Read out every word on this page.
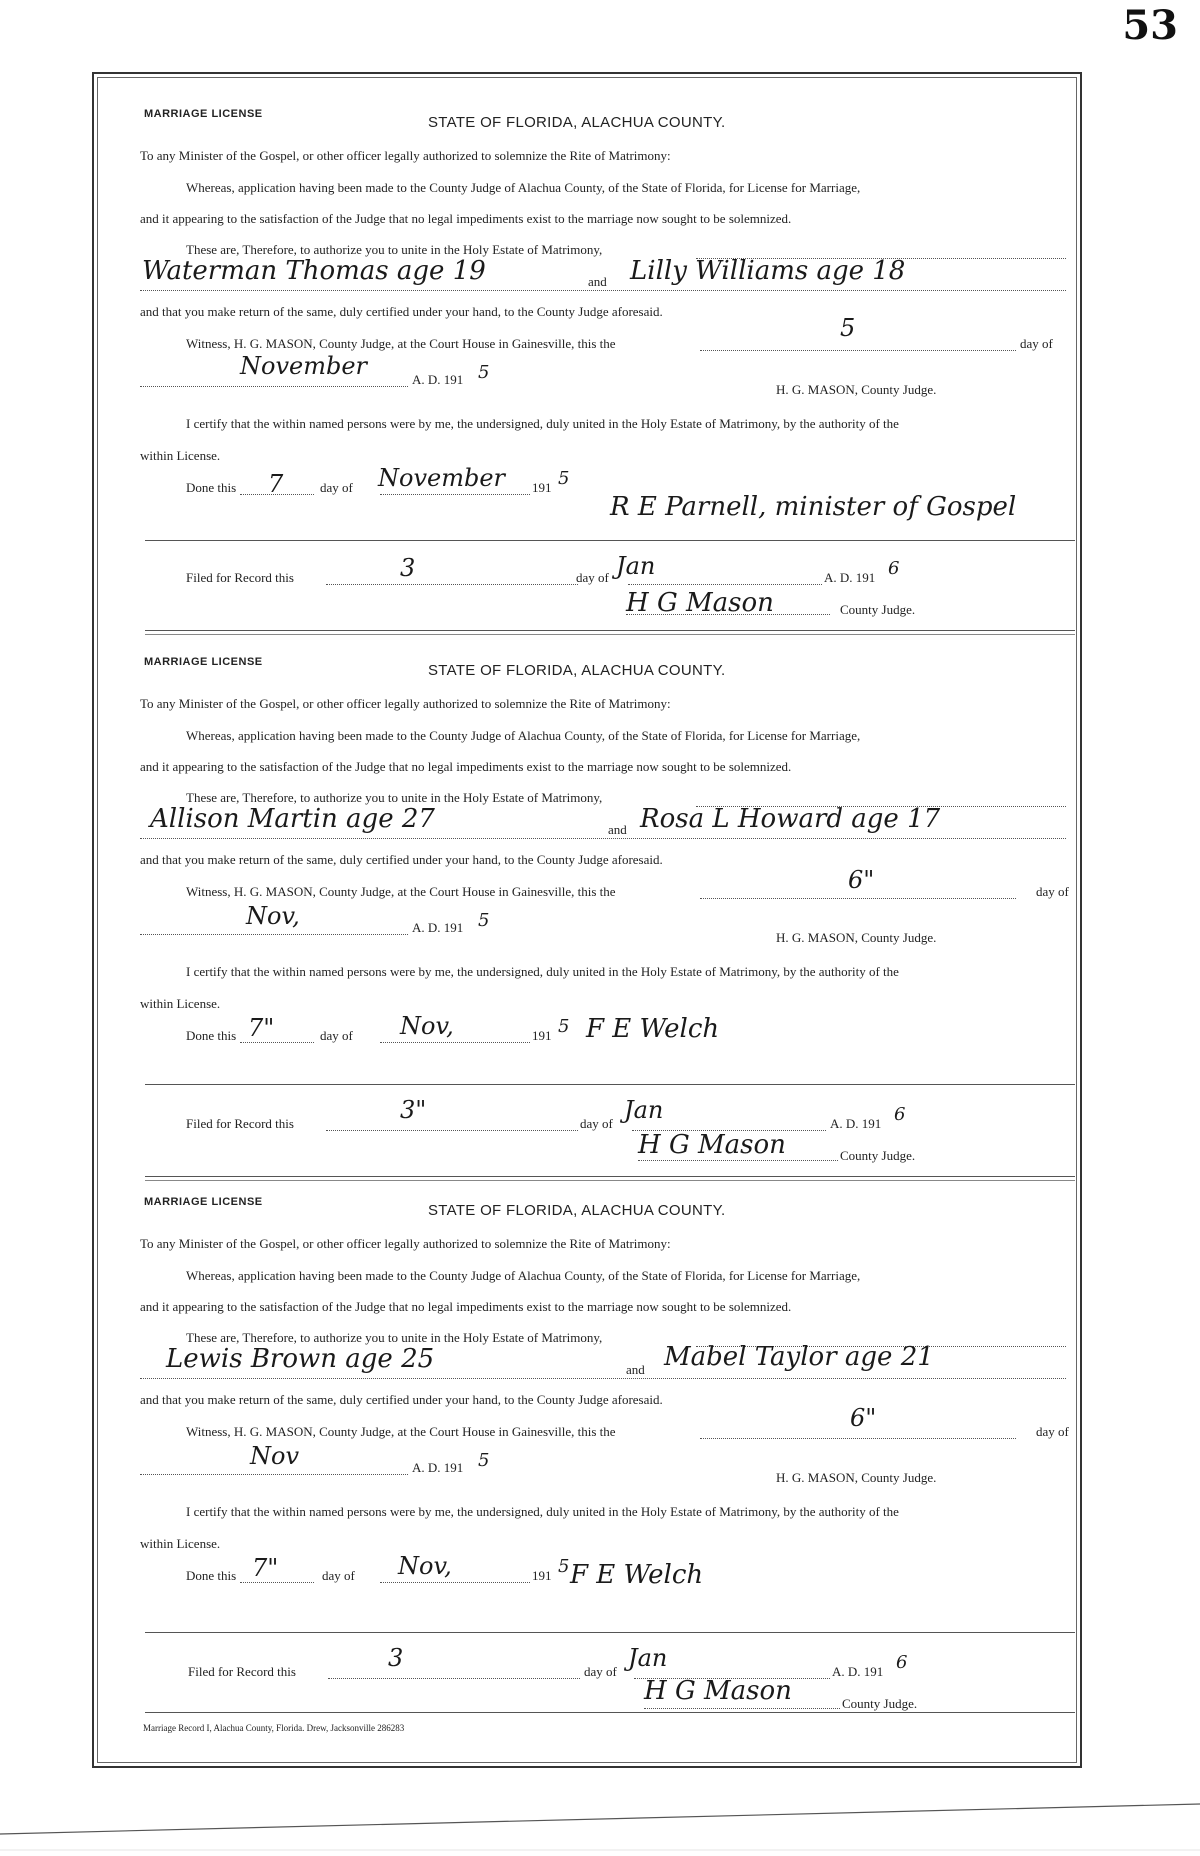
53
MARRIAGE LICENSE	STATE OF FLORIDA, ALACHUA COUNTY.
To any Minister of the Gospel, or other officer legally authorized to solemnize the Rite of Matrimony:
Whereas, application having been made to the County Judge of Alachua County, of the State of Florida, for License for Marriage,
and it appearing to the satisfaction of the Judge that no legal impediments exist to the marriage now sought to be solemnized.
These are, Therefore, to authorize you to unite in the Holy Estate of Matrimony,
Waterman Thomas age 19	and Lilly Williams age 18
and that you make return of the same, duly certified under your hand, to the County Judge aforesaid.
Witness, H. G. MASON, County Judge, at the Court House in Gainesville, this the
5
day of
November	A. D. 191 5
H. G. MASON, County Judge.
I certify that the within named persons were by me, the undersigned, duly united in the Holy Estate of Matrimony, by the authority of the
within License.
Done this 7	day of November 191 5
R E Parnell, minister of Gospel
Filed for Record this	3	day of Jan	A. D. 191 6
H G Mason	County Judge.
MARRIAGE LICENSE	STATE OF FLORIDA, ALACHUA COUNTY.
To any Minister of the Gospel, or other officer legally authorized to solemnize the Rite of Matrimony:
Whereas, application having been made to the County Judge of Alachua County, of the State of Florida, for License for Marriage,
and it appearing to the satisfaction of the Judge that no legal impediments exist to the marriage now sought to be solemnized.
These are, Therefore, to authorize you to unite in the Holy Estate of Matrimony,
Allison Martin age 27	and Rosa L Howard age 17
and that you make return of the same, duly certified under your hand, to the County Judge aforesaid.
Witness, H. G. MASON, County Judge, at the Court House in Gainesville, this the	6"	day of
Nov,	A. D. 191 5
H. G. MASON, County Judge.
I certify that the within named persons were by me, the undersigned, duly united in the Holy Estate of Matrimony, by the authority of the
within License.
Done this 7"	day of Nov,	191 5 F E Welch
Filed for Record this	3"	day of Jan	A. D. 191 6
H G Mason	County Judge.
MARRIAGE LICENSE	STATE OF FLORIDA, ALACHUA COUNTY.
To any Minister of the Gospel, or other officer legally authorized to solemnize the Rite of Matrimony:
Whereas, application having been made to the County Judge of Alachua County, of the State of Florida, for License for Marriage,
and it appearing to the satisfaction of the Judge that no legal impediments exist to the marriage now sought to be solemnized.
These are, Therefore, to authorize you to unite in the Holy Estate of Matrimony,
Lewis Brown age 25	and Mabel Taylor age 21
and that you make return of the same, duly certified under your hand, to the County Judge aforesaid.
Witness, H. G. MASON, County Judge, at the Court House in Gainesville, this the	6"	day of
Nov	A. D. 191 5
H. G. MASON, County Judge.
I certify that the within named persons were by me, the undersigned, duly united in the Holy Estate of Matrimony, by the authority of the
within License.
Done this 7"	day of Nov,	191 5 F E Welch
Filed for Record this	3	day of Jan	A. D. 191 6
H G Mason	County Judge.
Marriage Record I, Alachua County, Florida. Drew, Jacksonville 286283
